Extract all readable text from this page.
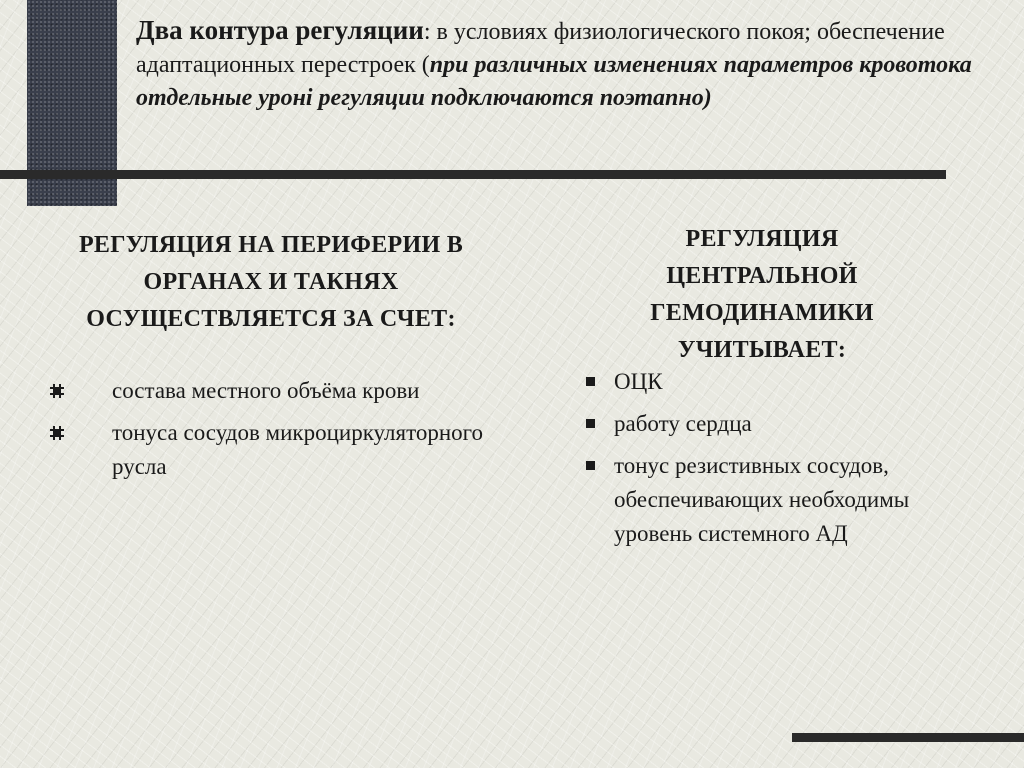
Два контура регуляции: в условиях физиологического покоя; обеспечение адаптационных перестроек (при различных изменениях параметров кровотока отдельные уроні регуляции подключаются поэтапно)
РЕГУЛЯЦИЯ НА ПЕРИФЕРИИ В ОРГАНАХ И ТАКНЯХ ОСУЩЕСТВЛЯЕТСЯ ЗА СЧЕТ:
состава местного объёма крови
тонуса сосудов микроциркуляторного русла
РЕГУЛЯЦИЯ ЦЕНТРАЛЬНОЙ ГЕМОДИНАМИКИ УЧИТЫВАЕТ:
ОЦК
работу сердца
тонус резистивных сосудов, обеспечивающих необходимы уровень системного АД
